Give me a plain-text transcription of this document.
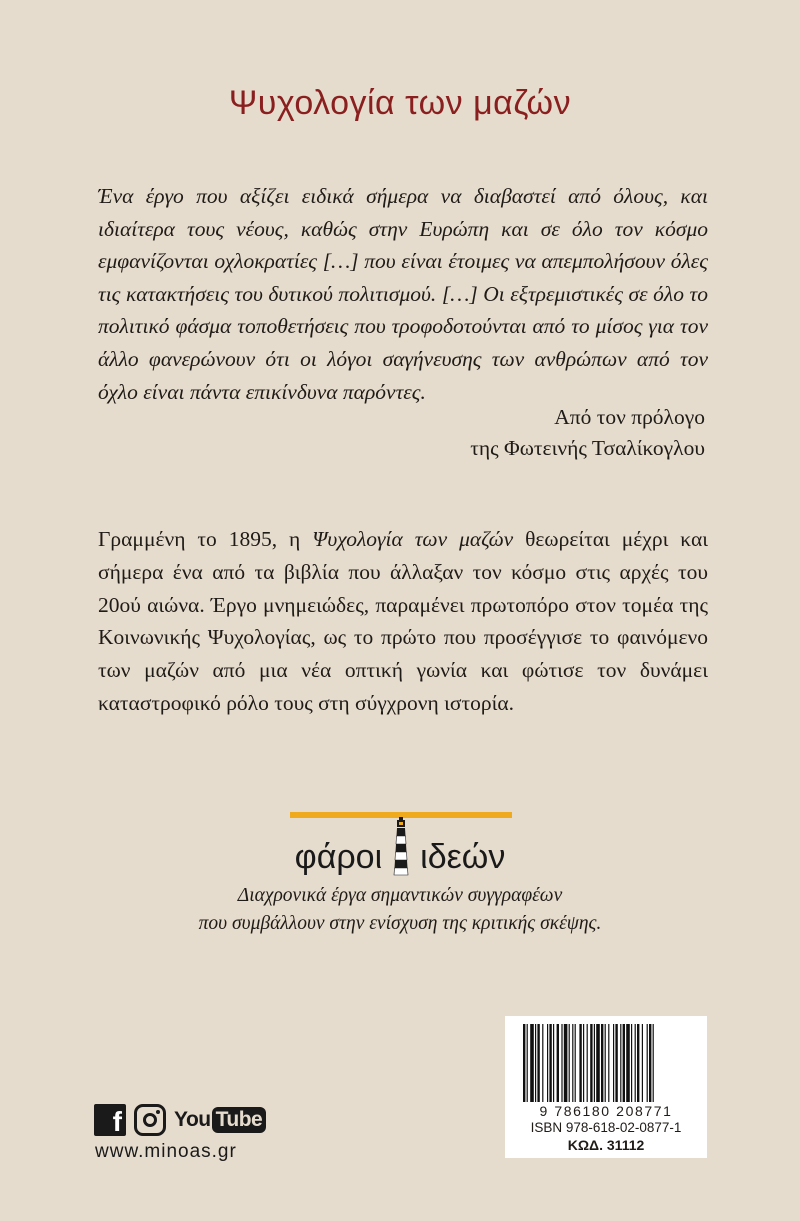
Ψυχολογία των μαζών
Ένα έργο που αξίζει ειδικά σήμερα να διαβαστεί από όλους, και ιδιαίτερα τους νέους, καθώς στην Ευρώπη και σε όλο τον κόσμο εμφανίζονται οχλοκρατίες […] που είναι έτοιμες να απεμπολήσουν όλες τις κατακτήσεις του δυτικού πολιτισμού. […] Οι εξτρεμιστικές σε όλο το πολιτικό φάσμα τοποθετήσεις που τροφοδοτούνται από το μίσος για τον άλλο φανερώνουν ότι οι λόγοι σαγήνευσης των ανθρώπων από τον όχλο είναι πάντα επικίνδυνα παρόντες.
Από τον πρόλογο
της Φωτεινής Τσαλίκογλου
Γραμμένη το 1895, η Ψυχολογία των μαζών θεωρείται μέχρι και σήμερα ένα από τα βιβλία που άλλαξαν τον κόσμο στις αρχές του 20ού αιώνα. Έργο μνημειώδες, παραμένει πρωτοπόρο στον τομέα της Κοινωνικής Ψυχολογίας, ως το πρώτο που προσέγγισε το φαινόμενο των μαζών από μια νέα οπτική γωνία και φώτισε τον δυνάμει καταστροφικό ρόλο τους στη σύγχρονη ιστορία.
φάροι ιδεών
Διαχρονικά έργα σημαντικών συγγραφέων
που συμβάλλουν στην ενίσχυση της κριτικής σκέψης.
f You Tube
www.minoas.gr
9 786180 208771
ISBN 978-618-02-0877-1
ΚΩΔ. 31112
